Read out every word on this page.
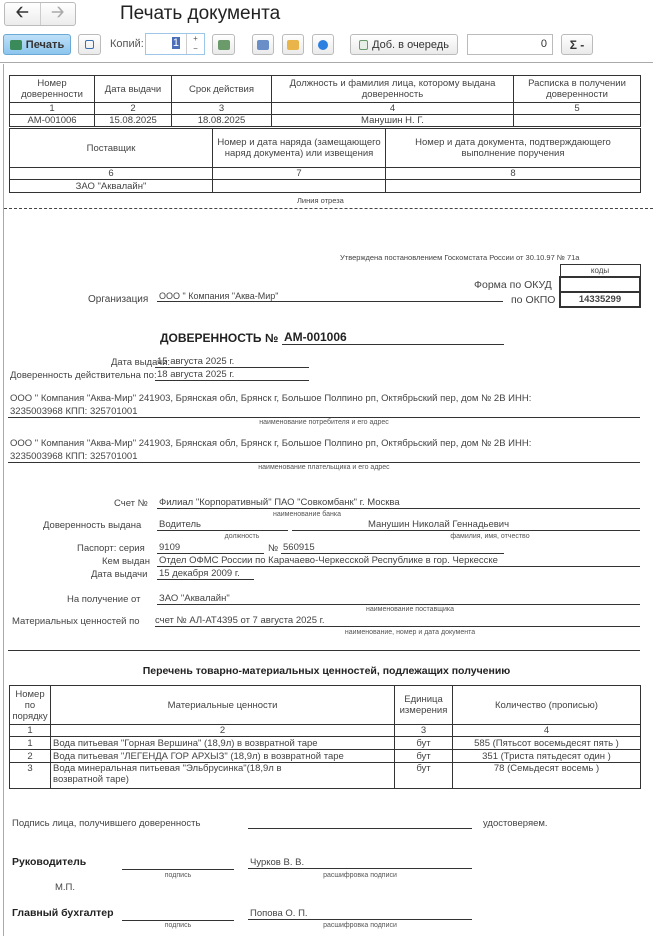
🡠	🡢	Печать документа
Печать	Копий:	1	+
−	Доб. в очередь	0	Σ -
Номер доверенности	Дата выдачи	Срок действия	Должность и фамилия лица, которому выдана доверенность	Расписка в получении доверенности
1	2	3	4	5
АМ-001006	15.08.2025	18.08.2025	Манушин Н. Г.	
Поставщик	Номер и дата наряда (замещающего наряд документа) или извещения	Номер и дата документа, подтверждающего выполнение поручения
6	7	8
ЗАО "Аквалайн"		
Линия отреза
Утверждена постановлением Госкомстата России от 30.10.97 № 71а
коды

14335299
Форма по ОКУД
по ОКПО
Организация ООО " Компания "Аква-Мир"
ДОВЕРЕННОСТЬ № АМ-001006
Дата выдачи:
15 августа 2025 г.
Доверенность действительна по: 18 августа 2025 г.
ООО " Компания "Аква-Мир" 241903, Брянская обл, Брянск г, Большое Полпино рп, Октябрьский пер, дом № 2В ИНН:
3235003968 КПП: 325701001
наименование потребителя и его адрес
ООО " Компания "Аква-Мир" 241903, Брянская обл, Брянск г, Большое Полпино рп, Октябрьский пер, дом № 2В ИНН:
3235003968 КПП: 325701001
наименование плательщика и его адрес
Счет № Филиал "Корпоративный" ПАО "Совкомбанк" г. Москва
наименование банка
Доверенность выдана Водитель	Манушин Николай Геннадьевич
должность	фамилия, имя, отчество
Паспорт: серия 9109	№ 560915
Кем выдан Отдел ОФМС России по Карачаево-Черкесской Республике в гор. Черкесске
Дата выдачи 15 декабря 2009 г.
На получение от ЗАО "Аквалайн"
наименование поставщика
Материальных ценностей по счет № АЛ-АТ4395 от 7 августа 2025 г.
наименование, номер и дата документа
Перечень товарно-материальных ценностей, подлежащих получению
Номер по порядку	Материальные ценности	Единица измерения	Количество (прописью)
1	2	3	4
1	Вода питьевая "Горная Вершина" (18,9л) в возвратной таре	бут	585 (Пятьсот восемьдесят пять )
2	Вода питьевая "ЛЕГЕНДА ГОР АРХЫЗ" (18,9л) в возвратной таре	бут	351 (Триста пятьдесят один )
3	Вода минеральная питьевая "Эльбрусинка"(18,9л в возвратной таре)	бут	78 (Семьдесят восемь )
Подпись лица, получившего доверенность	удостоверяем.
Руководитель	Чурков В. В.
подпись	расшифровка подписи
М.П.
Главный бухгалтер	Попова О. П.
подпись	расшифровка подписи
